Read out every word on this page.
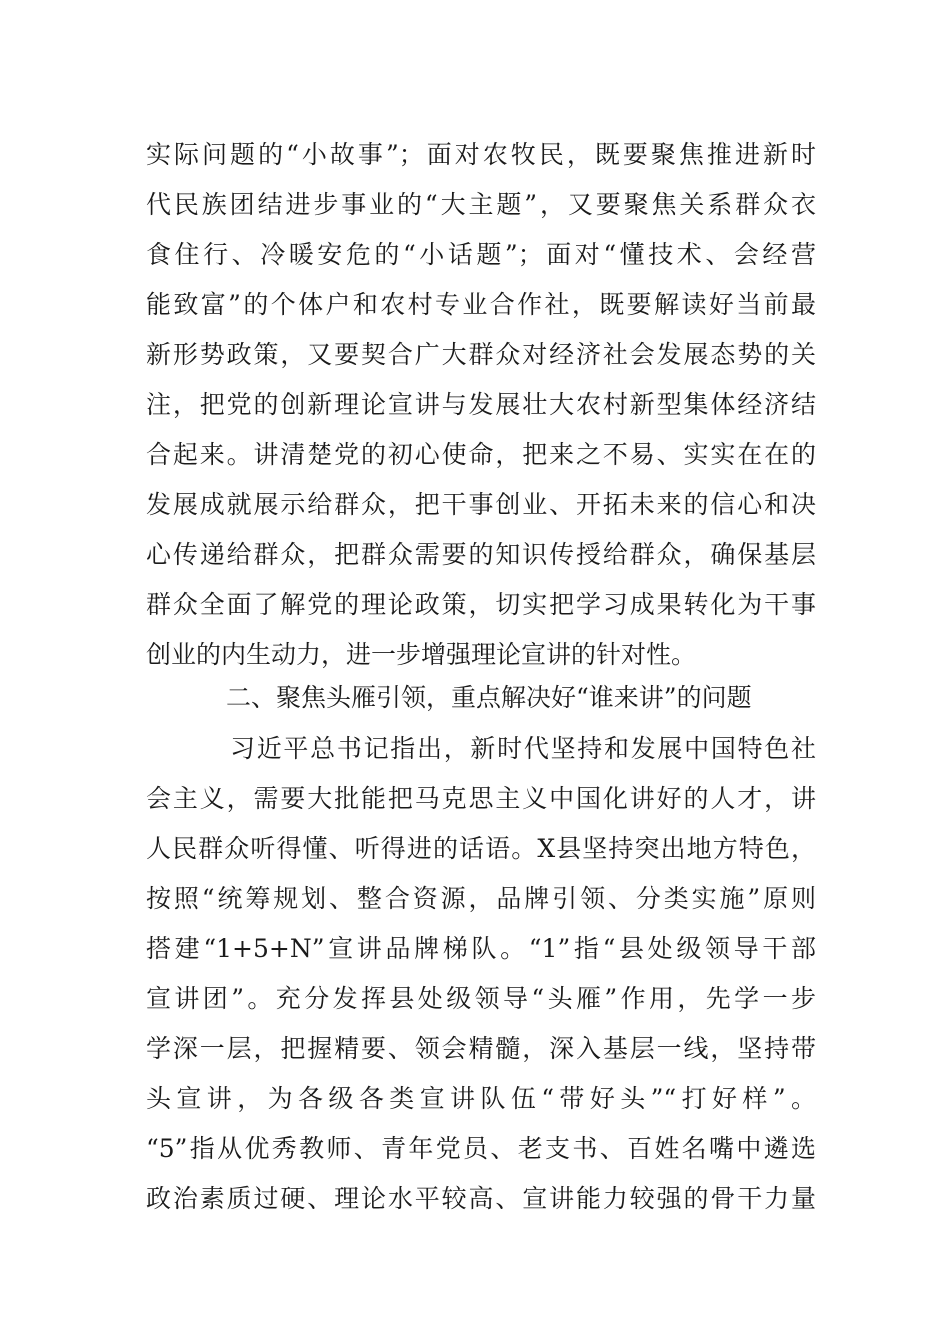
实际问题的“小故事”；面对农牧民，既要聚焦推进新时
代民族团结进步事业的“大主题”，又要聚焦关系群众衣
食住行、冷暖安危的“小话题”；面对“懂技术、会经营
能致富”的个体户和农村专业合作社，既要解读好当前最
新形势政策，又要契合广大群众对经济社会发展态势的关
注，把党的创新理论宣讲与发展壮大农村新型集体经济结
合起来。讲清楚党的初心使命，把来之不易、实实在在的
发展成就展示给群众，把干事创业、开拓未来的信心和决
心传递给群众，把群众需要的知识传授给群众，确保基层
群众全面了解党的理论政策，切实把学习成果转化为干事
创业的内生动力，进一步增强理论宣讲的针对性。
二、聚焦头雁引领，重点解决好“谁来讲”的问题
习近平总书记指出，新时代坚持和发展中国特色社
会主义，需要大批能把马克思主义中国化讲好的人才，讲
人民群众听得懂、听得进的话语。X县坚持突出地方特色，
按照“统筹规划、整合资源，品牌引领、分类实施”原则
搭建“1+5+N”宣讲品牌梯队。“1”指“县处级领导干部
宣讲团”。充分发挥县处级领导“头雁”作用，先学一步
学深一层，把握精要、领会精髓，深入基层一线，坚持带
头宣讲，为各级各类宣讲队伍“带好头”“打好样”。
“5”指从优秀教师、青年党员、老支书、百姓名嘴中遴选
政治素质过硬、理论水平较高、宣讲能力较强的骨干力量
